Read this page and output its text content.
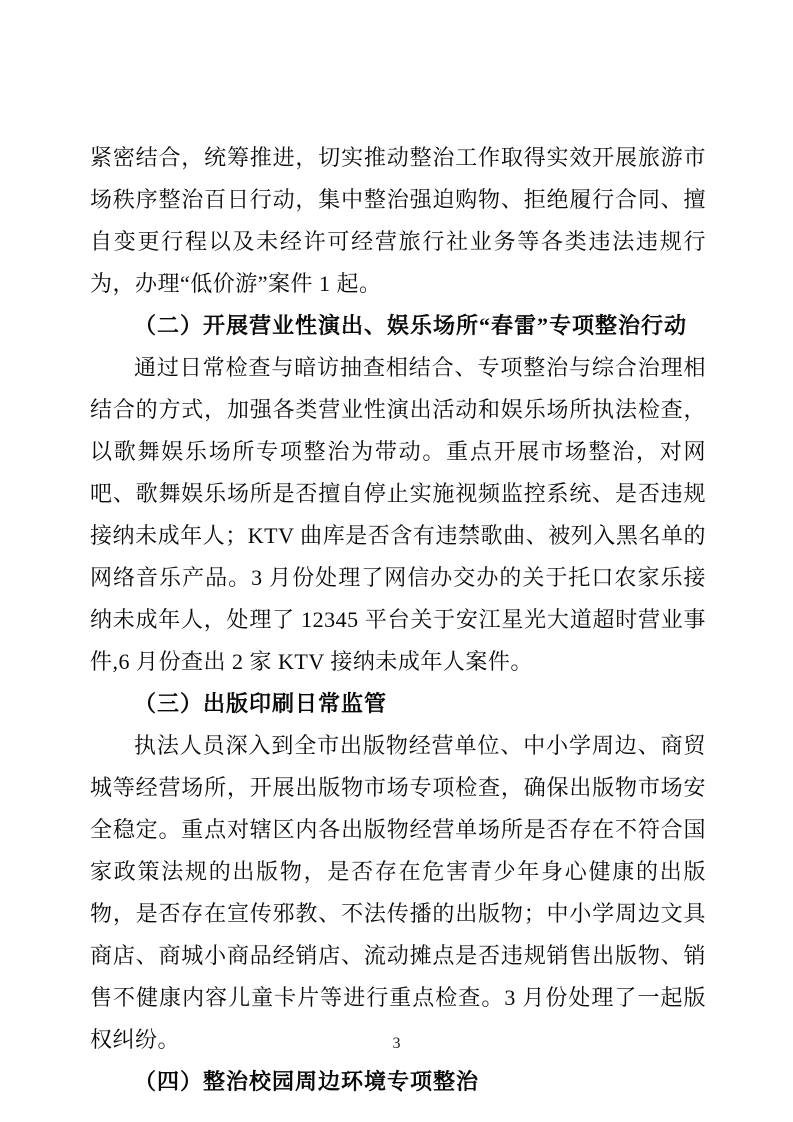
紧密结合，统筹推进，切实推动整治工作取得实效开展旅游市场秩序整治百日行动，集中整治强迫购物、拒绝履行合同、擅自变更行程以及未经许可经营旅行社业务等各类违法违规行为，办理“低价游”案件 1 起。

（二）开展营业性演出、娱乐场所“春雷”专项整治行动

通过日常检查与暗访抽查相结合、专项整治与综合治理相结合的方式，加强各类营业性演出活动和娱乐场所执法检查，以歌舞娱乐场所专项整治为带动。重点开展市场整治，对网吧、歌舞娱乐场所是否擅自停止实施视频监控系统、是否违规接纳未成年人；KTV 曲库是否含有违禁歌曲、被列入黑名单的网络音乐产品。3 月份处理了网信办交办的关于托口农家乐接纳未成年人，处理了 12345 平台关于安江星光大道超时营业事件,6 月份查出 2 家 KTV 接纳未成年人案件。

（三）出版印刷日常监管

执法人员深入到全市出版物经营单位、中小学周边、商贸城等经营场所，开展出版物市场专项检查，确保出版物市场安全稳定。重点对辖区内各出版物经营单场所是否存在不符合国家政策法规的出版物，是否存在危害青少年身心健康的出版物，是否存在宣传邪教、不法传播的出版物；中小学周边文具商店、商城小商品经销店、流动摊点是否违规销售出版物、销售不健康内容儿童卡片等进行重点检查。3 月份处理了一起版权纠纷。

（四）整治校园周边环境专项整治
3
